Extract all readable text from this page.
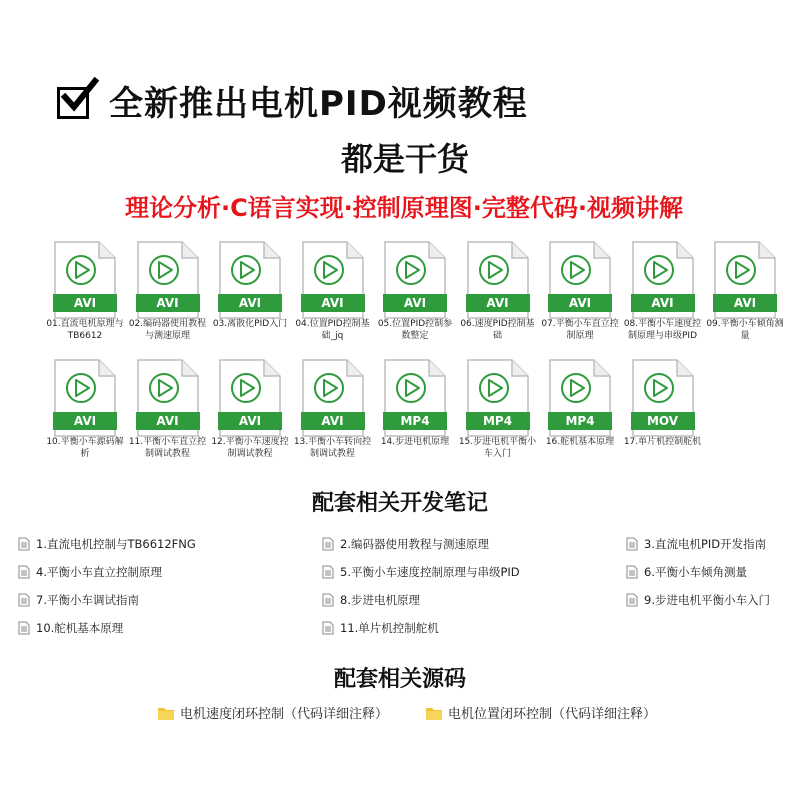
全新推出电机PID视频教程
都是干货
理论分析·C语言实现·控制原理图·完整代码·视频讲解
AVI
01.直流电机原理与TB6612
AVI
02.编码器使用教程与测速原理
AVI
03.离散化PID入门
AVI
04.位置PID控制基础_jq
AVI
05.位置PID控制参数整定
AVI
06.速度PID控制基础
AVI
07.平衡小车直立控制原理
AVI
08.平衡小车速度控制原理与串级PID
AVI
09.平衡小车倾角测量
AVI
10.平衡小车源码解析
AVI
11.平衡小车直立控制调试教程
AVI
12.平衡小车速度控制调试教程
AVI
13.平衡小车转向控制调试教程
MP4
14.步进电机原理
MP4
15.步进电机平衡小车入门
MP4
16.舵机基本原理
MOV
17.单片机控制舵机
配套相关开发笔记
1.直流电机控制与TB6612FNG	2.编码器使用教程与测速原理	3.直流电机PID开发指南
4.平衡小车直立控制原理	5.平衡小车速度控制原理与串级PID	6.平衡小车倾角测量
7.平衡小车调试指南	8.步进电机原理	9.步进电机平衡小车入门
10.舵机基本原理	11.单片机控制舵机
配套相关源码
电机速度闭环控制（代码详细注释）	电机位置闭环控制（代码详细注释）
